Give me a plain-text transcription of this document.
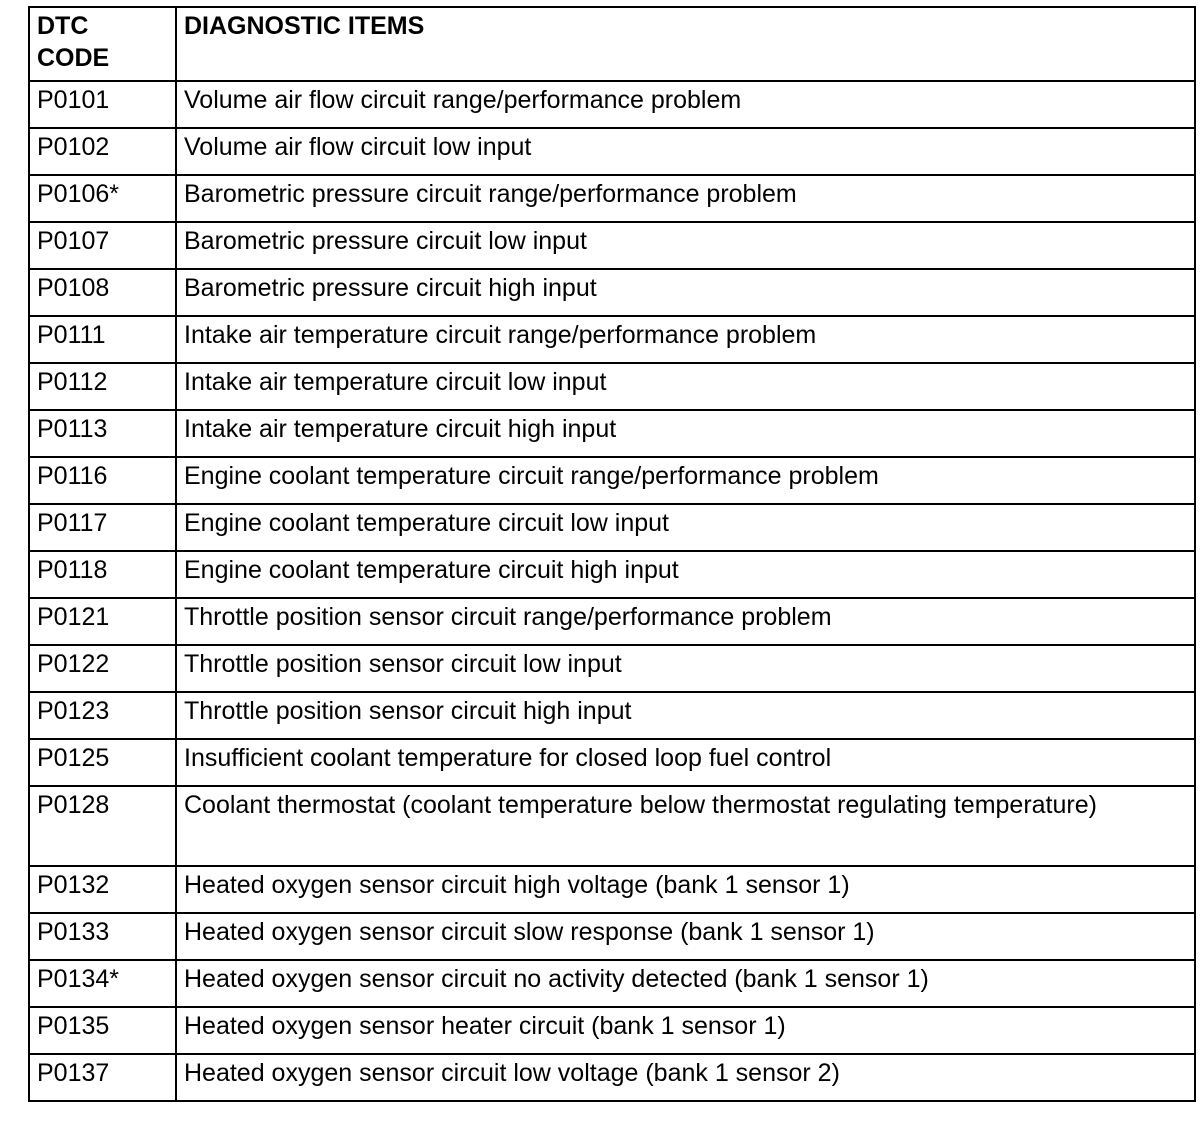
DTC
CODE	DIAGNOSTIC ITEMS
P0101	Volume air flow circuit range/performance problem
P0102	Volume air flow circuit low input
P0106*	Barometric pressure circuit range/performance problem
P0107	Barometric pressure circuit low input
P0108	Barometric pressure circuit high input
P0111	Intake air temperature circuit range/performance problem
P0112	Intake air temperature circuit low input
P0113	Intake air temperature circuit high input
P0116	Engine coolant temperature circuit range/performance problem
P0117	Engine coolant temperature circuit low input
P0118	Engine coolant temperature circuit high input
P0121	Throttle position sensor circuit range/performance problem
P0122	Throttle position sensor circuit low input
P0123	Throttle position sensor circuit high input
P0125	Insufficient coolant temperature for closed loop fuel control
P0128	Coolant thermostat (coolant temperature below thermostat regulating temperature)
P0132	Heated oxygen sensor circuit high voltage (bank 1 sensor 1)
P0133	Heated oxygen sensor circuit slow response (bank 1 sensor 1)
P0134*	Heated oxygen sensor circuit no activity detected (bank 1 sensor 1)
P0135	Heated oxygen sensor heater circuit (bank 1 sensor 1)
P0137	Heated oxygen sensor circuit low voltage (bank 1 sensor 2)
